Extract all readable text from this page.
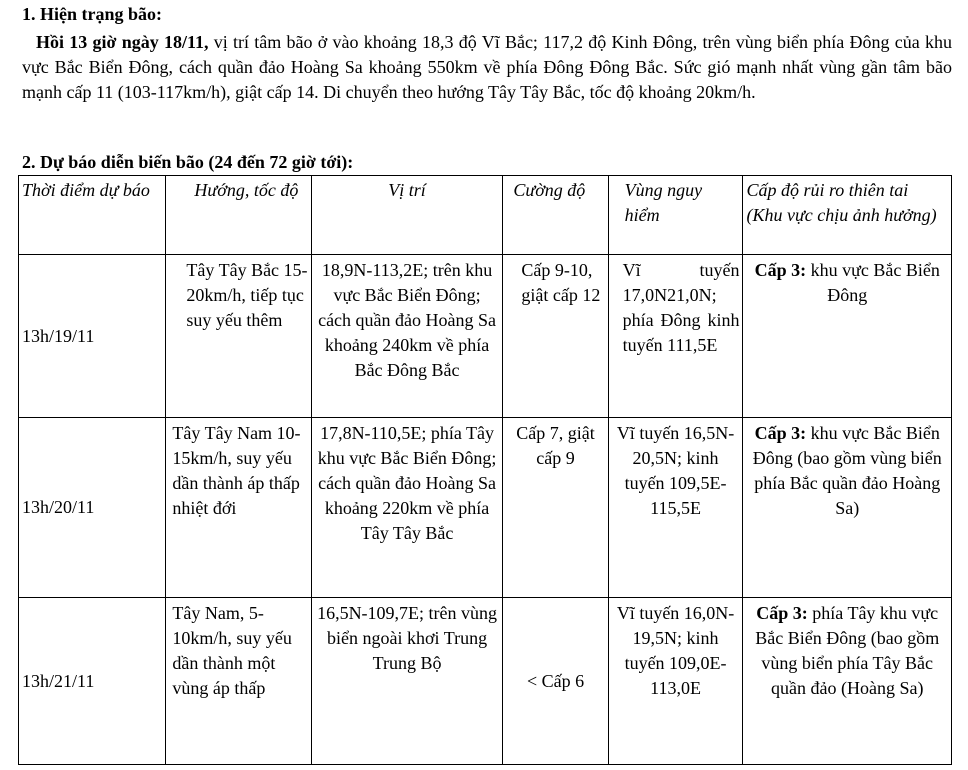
1. Hiện trạng bão:
Hồi 13 giờ ngày 18/11, vị trí tâm bão ở vào khoảng 18,3 độ Vĩ Bắc; 117,2 độ Kinh Đông, trên vùng biển phía Đông của khu vực Bắc Biển Đông, cách quần đảo Hoàng Sa khoảng 550km về phía Đông Đông Bắc. Sức gió mạnh nhất vùng gần tâm bão mạnh cấp 11 (103-117km/h), giật cấp 14. Di chuyển theo hướng Tây Tây Bắc, tốc độ khoảng 20km/h.
2. Dự báo diễn biến bão (24 đến 72 giờ tới):
Thời điểm dự báo	Hướng, tốc độ	Vị trí	Cường độ	Vùng nguy hiểm	Cấp độ rủi ro thiên tai (Khu vực chịu ảnh hưởng)
13h/19/11	Tây Tây Bắc 15-20km/h, tiếp tục suy yếu thêm	18,9N-113,2E; trên khu vực Bắc Biển Đông; cách quần đảo Hoàng Sa khoảng 240km về phía Bắc Đông Bắc	Cấp 9-10, giật cấp 12	Vĩ tuyến 17,0N21,0N; phía Đông kinh tuyến 111,5E	Cấp 3: khu vực Bắc Biển Đông
13h/20/11	Tây Tây Nam 10-15km/h, suy yếu dần thành áp thấp nhiệt đới	17,8N-110,5E; phía Tây khu vực Bắc Biển Đông; cách quần đảo Hoàng Sa khoảng 220km về phía Tây Tây Bắc	Cấp 7, giật cấp 9	Vĩ tuyến 16,5N-20,5N; kinh tuyến 109,5E-115,5E	Cấp 3: khu vực Bắc Biển Đông (bao gồm vùng biển phía Bắc quần đảo Hoàng Sa)
13h/21/11	Tây Nam, 5-10km/h, suy yếu dần thành một vùng áp thấp	16,5N-109,7E; trên vùng biển ngoài khơi Trung Trung Bộ	< Cấp 6	Vĩ tuyến 16,0N-19,5N; kinh tuyến 109,0E-113,0E	Cấp 3: phía Tây khu vực Bắc Biển Đông (bao gồm vùng biển phía Tây Bắc quần đảo (Hoàng Sa)
